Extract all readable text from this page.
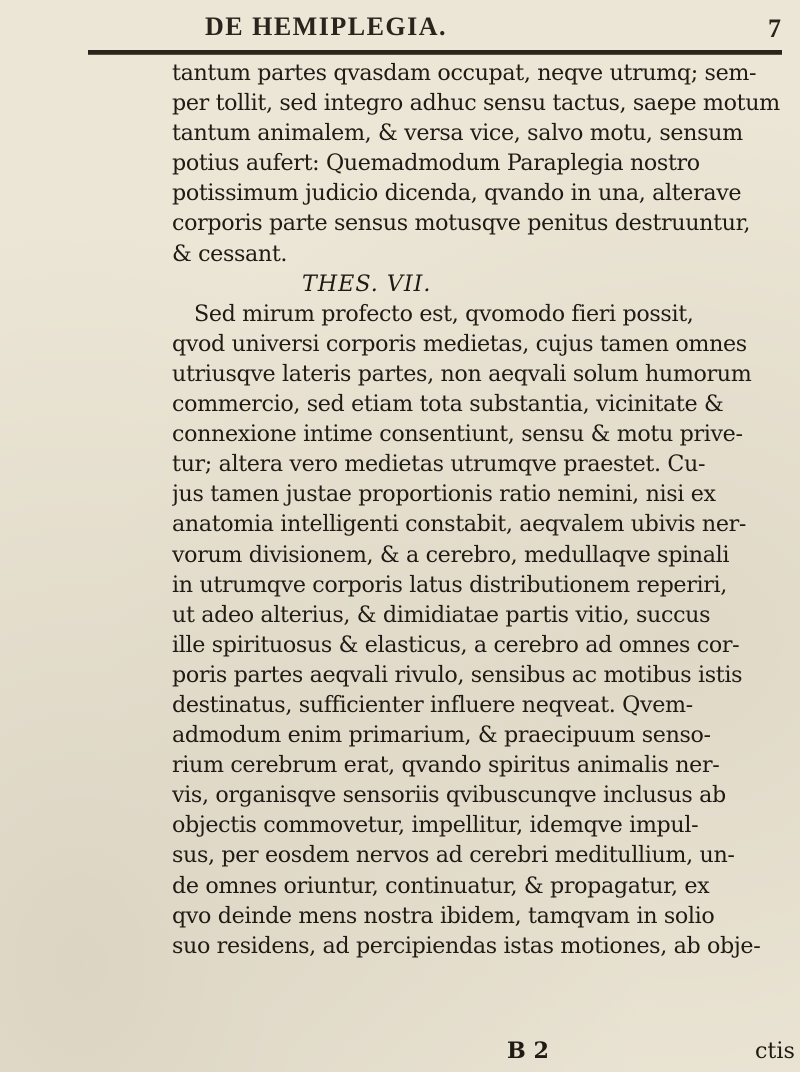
DE HEMIPLEGIA.	7
tantum partes qvasdam occupat, neqve utrumq; sem-
per tollit, sed integro adhuc sensu tactus, saepe motum
tantum animalem, & versa vice, salvo motu, sensum
potius aufert: Quemadmodum Paraplegia nostro
potissimum judicio dicenda, qvando in una, alterave
corporis parte sensus motusqve penitus destruuntur,
& cessant.
THES. VII.
Sed mirum profecto est, qvomodo fieri possit,
qvod universi corporis medietas, cujus tamen omnes
utriusqve lateris partes, non aeqvali solum humorum
commercio, sed etiam tota substantia, vicinitate &
connexione intime consentiunt, sensu & motu prive-
tur; altera vero medietas utrumqve praestet. Cu-
jus tamen justae proportionis ratio nemini, nisi ex
anatomia intelligenti constabit, aeqvalem ubivis ner-
vorum divisionem, & a cerebro, medullaqve spinali
in utrumqve corporis latus distributionem reperiri,
ut adeo alterius, & dimidiatae partis vitio, succus
ille spirituosus & elasticus, a cerebro ad omnes cor-
poris partes aeqvali rivulo, sensibus ac motibus istis
destinatus, sufficienter influere neqveat. Qvem-
admodum enim primarium, & praecipuum senso-
rium cerebrum erat, qvando spiritus animalis ner-
vis, organisqve sensoriis qvibuscunqve inclusus ab
objectis commovetur, impellitur, idemqve impul-
sus, per eosdem nervos ad cerebri meditullium, un-
de omnes oriuntur, continuatur, & propagatur, ex
qvo deinde mens nostra ibidem, tamqvam in solio
suo residens, ad percipiendas istas motiones, ab obje-
B 2	ctis
